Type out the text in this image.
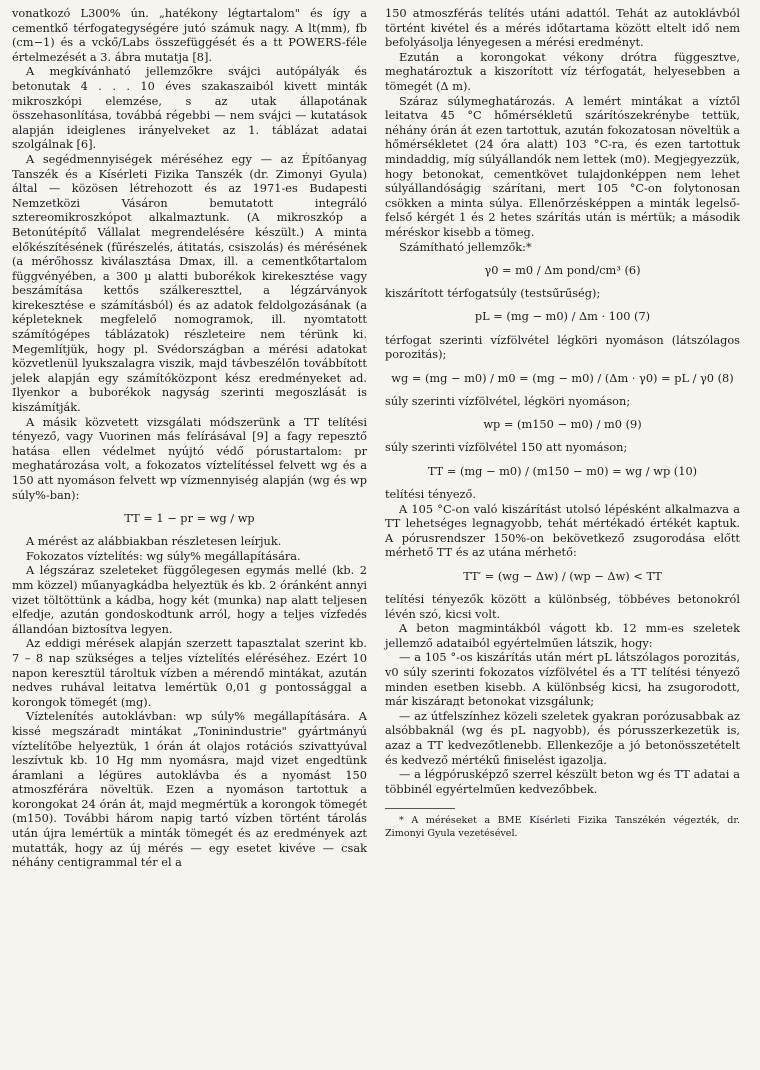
vonatkozó L300% ún. „hatékony légtartalom" és így a cementkő térfogategységére jutó számuk nagy. A lt(mm), fb (cm−1) és a vckő/Labs összefüggését és a tt POWERS-féle értelmezését a 3. ábra mutatja [8].

A megkívánható jellemzőkre svájci autópályák és betonutak 4 . . . 10 éves szakaszaiból kivett minták mikroszkópi elemzése, s az utak állapotának összehasonlítása, továbbá régebbi — nem svájci — kutatások alapján ideiglenes irányelveket az 1. táblázat adatai szolgálnak [6].

A segédmennyiségek méréséhez egy — az Építőanyag Tanszék és a Kísérleti Fizika Tanszék (dr. Zimonyi Gyula) által — közösen létrehozott és az 1971-es Budapesti Nemzetközi Vásáron bemutatott integráló sztereomikroszkópot alkalmaztunk. (A mikroszkóp a Betonútépítő Vállalat megrendelésére készült.) A minta előkészítésének (fűrészelés, átitatás, csiszolás) és mérésének (a mérőhossz kiválasztása Dmax, ill. a cementkőtartalom függvényében, a 300 µ alatti buborékok kirekesztése vagy beszámítása kettős szálkereszttel, a légzárványok kirekesztése e számításból) és az adatok feldolgozásának (a képleteknek megfelelő nomogramok, ill. nyomtatott számítógépes táblázatok) részleteire nem térünk ki. Megemlítjük, hogy pl. Svédországban a mérési adatokat közvetlenül lyukszalagra viszik, majd távbeszélőn továbbított jelek alapján egy számítóközpont kész eredményeket ad. Ilyenkor a buborékok nagyság szerinti megoszlását is kiszámítják.

A másik közvetett vizsgálati módszerünk a TT telítési tényező, vagy Vuorinen más felírásával [9] a fagy repesztő hatása ellen védelmet nyújtó védő pórustartalom: pr meghatározása volt, a fokozatos víztelítéssel felvett wg és a 150 att nyomáson felvett wp vízmennyiség alapján (wg és wp súly%-ban):

TT = 1 − pr = wg / wp

A mérést az alábbiakban részletesen leírjuk.

Fokozatos víztelítés: wg súly% megállapítására.

A légszáraz szeleteket függőlegesen egymás mellé (kb. 2 mm közzel) műanyagkádba helyeztük és kb. 2 óránként annyi vizet töltöttünk a kádba, hogy két (munka) nap alatt teljesen elfedje, azután gondoskodtunk arról, hogy a teljes vízfedés állandóan biztosítva legyen.

Az eddigi mérések alapján szerzett tapasztalat szerint kb. 7 – 8 nap szükséges a teljes víztelítés eléréséhez. Ezért 10 napon keresztül tároltuk vízben a mérendő mintákat, azután nedves ruhával leitatva lemértük 0,01 g pontossággal a korongok tömegét (mg).

Víztelenítés autoklávban: wp súly% megállapítására. A kissé megszáradt mintákat „Toninindustrie" gyártmányú víztelítőbe helyeztük, 1 órán át olajos rotációs szivattyúval leszívtuk kb. 10 Hg mm nyomásra, majd vizet engedtünk áramlani a légüres autoklávba és a nyomást 150 atmoszférára növeltük. Ezen a nyomáson tartottuk a korongokat 24 órán át, majd megmértük a korongok tömegét (m150). További három napig tartó vízben történt tárolás után újra lemértük a minták tömegét és az eredmények azt mutatták, hogy az új mérés — egy esetet kivéve — csak néhány centigrammal tér el a

150 atmoszférás telítés utáni adattól. Tehát az autoklávból történt kivétel és a mérés időtartama között eltelt idő nem befolyásolja lényegesen a mérési eredményt.

Ezután a korongokat vékony drótra függesztve, meghatároztuk a kiszorított víz térfogatát, helyesebben a tömegét (Δ m).

Száraz súlymeghatározás. A lemért mintákat a víztől leitatva 45 °C hőmérsékletű szárítószekrénybe tettük, néhány órán át ezen tartottuk, azután fokozatosan növeltük a hőmérsékletet (24 óra alatt) 103 °C-ra, és ezen tartottuk mindaddig, míg súlyállandók nem lettek (m0). Megjegyezzük, hogy betonokat, cementkövet tulajdonképpen nem lehet súlyállandóságig szárítani, mert 105 °C-on folytonosan csökken a minta súlya. Ellenőrzésképpen a minták legelső-felső kérgét 1 és 2 hetes szárítás után is mértük; a második méréskor kisebb a tömeg.

Számítható jellemzők:*

γ0 = m0 / Δm pond/cm³ (6)

kiszárított térfogatsúly (testsűrűség);

pL = (mg − m0) / Δm · 100 (7)

térfogat szerinti vízfölvétel légköri nyomáson (látszólagos porozitás);

wg = (mg − m0) / m0 = (mg − m0) / (Δm · γ0) = pL / γ0 (8)

súly szerinti vízfölvétel, légköri nyomáson;

wp = (m150 − m0) / m0 (9)

súly szerinti vízfölvétel 150 att nyomáson;

TT = (mg − m0) / (m150 − m0) = wg / wp (10)

telítési tényező.

A 105 °C-on való kiszárítást utolsó lépésként alkalmazva a TT lehetséges legnagyobb, tehát mértékadó értékét kaptuk. A pórusrendszer 150%-on bekövetkező zsugorodása előtt mérhető TT és az utána mérhető:

TT′ = (wg − Δw) / (wp − Δw) < TT

telítési tényezők között a különbség, többéves betonokról lévén szó, kicsi volt.

A beton magmintákból vágott kb. 12 mm-es szeletek jellemző adataiból egyértelműen látszik, hogy:

— a 105 °-os kiszárítás után mért pL látszólagos porozitás, v0 súly szerinti fokozatos vízfölvétel és a TT telítési tényező minden esetben kisebb. A különbség kicsi, ha zsugorodott, már kiszárадt betonokat vizsgálunk;

— az útfelszínhez közeli szeletek gyakran porózusabbak az alsóbbaknál (wg és pL nagyobb), és pórusszerkezetük is, azaz a TT kedvezőtlenebb. Ellenkezője a jó betonösszetételt és kedvező mértékű finiselést igazolja.

— a légpórusképző szerrel készült beton wg és TT adatai a többinél egyértelműen kedvezőbbek.

* A méréseket a BME Kísérleti Fizika Tanszékén végezték, dr. Zimonyi Gyula vezetésével.
